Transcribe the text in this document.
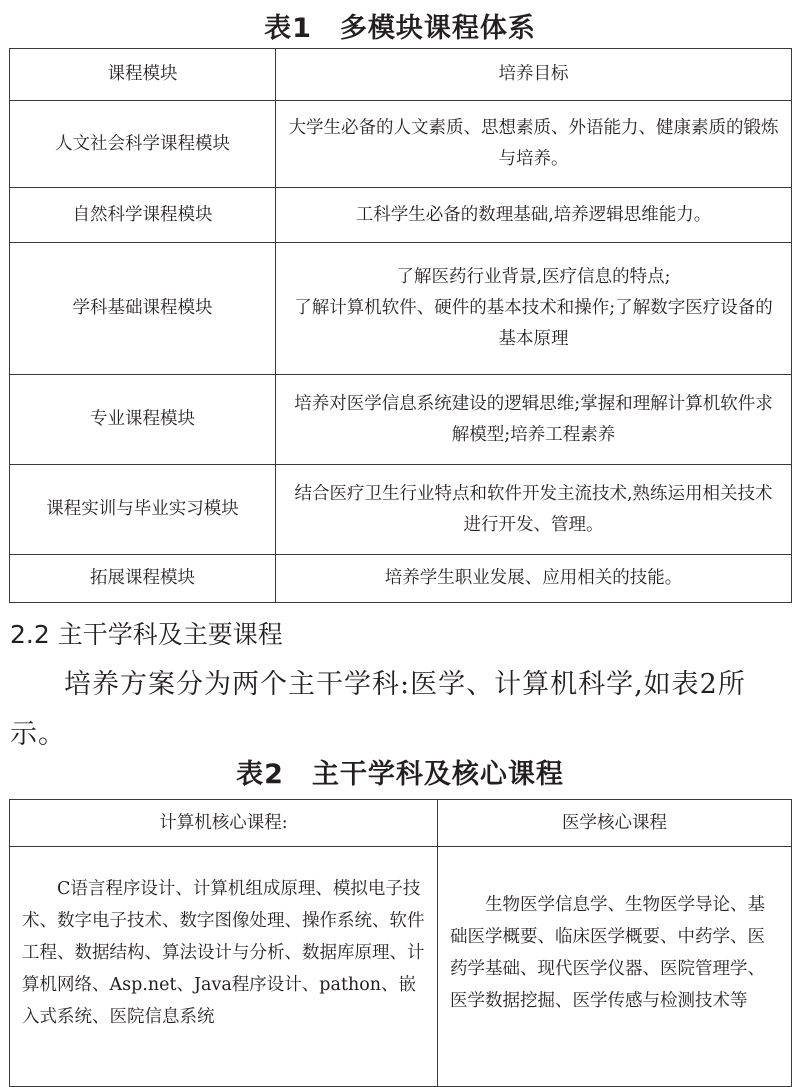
表1　多模块课程体系
课程模块	培养目标
人文社会科学课程模块	大学生必备的人文素质、思想素质、外语能力、健康素质的锻炼与培养。
自然科学课程模块	工科学生必备的数理基础,培养逻辑思维能力。
学科基础课程模块	了解医药行业背景,医疗信息的特点;
了解计算机软件、硬件的基本技术和操作;了解数字医疗设备的基本原理
专业课程模块	培养对医学信息系统建设的逻辑思维;掌握和理解计算机软件求解模型;培养工程素养
课程实训与毕业实习模块	结合医疗卫生行业特点和软件开发主流技术,熟练运用相关技术进行开发、管理。
拓展课程模块	培养学生职业发展、应用相关的技能。
2.2 主干学科及主要课程

培养方案分为两个主干学科:医学、计算机科学,如表2所示。

表2　主干学科及核心课程
计算机核心课程:	医学核心课程

C语言程序设计、计算机组成原理、模拟电子技术、数字电子技术、数字图像处理、操作系统、软件工程、数据结构、算法设计与分析、数据库原理、计算机网络、Asp.net、Java程序设计、pathon、嵌入式系统、医院信息系统	生物医学信息学、生物医学导论、基础医学概要、临床医学概要、中药学、医药学基础、现代医学仪器、医院管理学、医学数据挖掘、医学传感与检测技术等
